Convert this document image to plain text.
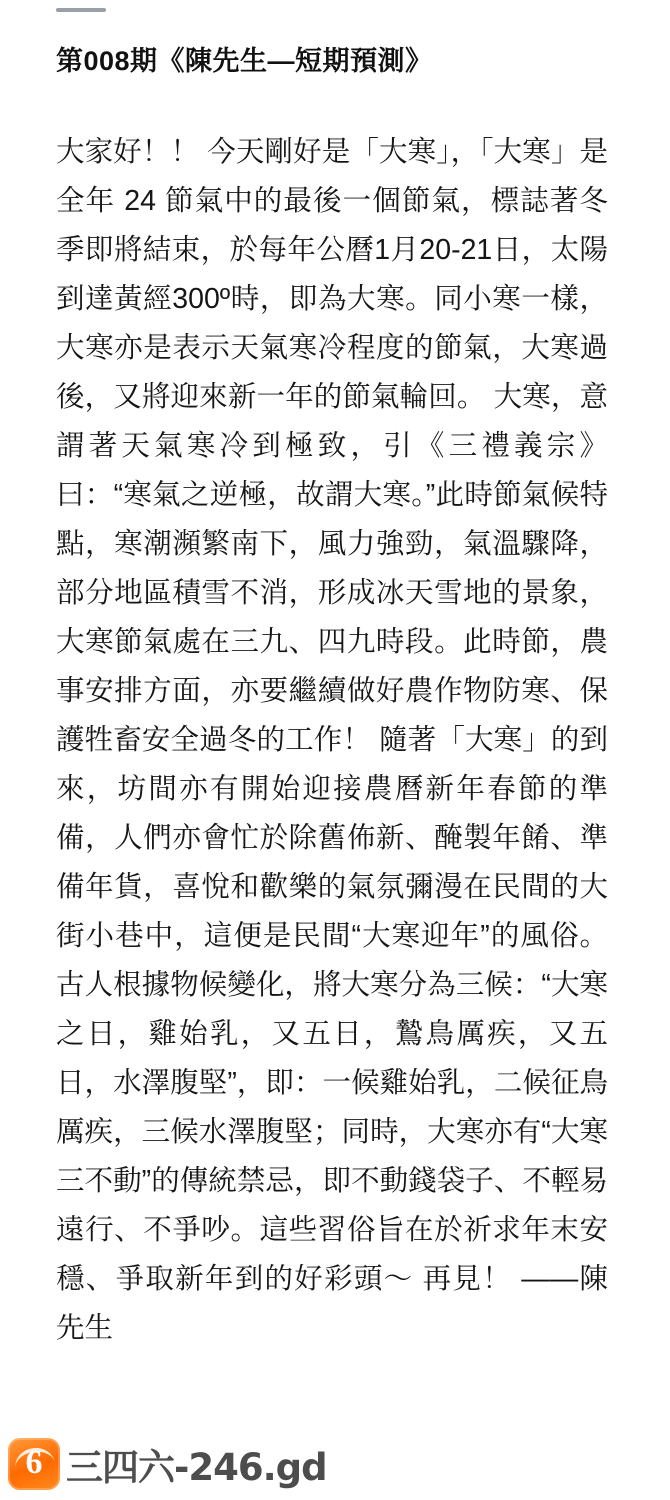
第008期《陳先生—短期預測》
大家好！！ 今天剛好是「大寒」，「大寒」是全年 24 節氣中的最後一個節氣，標誌著冬季即將結束，於每年公曆1月20-21日，太陽到達黃經300º時，即為大寒。同小寒一樣，大寒亦是表示天氣寒冷程度的節氣，大寒過後，又將迎來新一年的節氣輪回。 大寒，意謂著天氣寒冷到極致，引《三禮義宗》曰：“寒氣之逆極，故謂大寒。”此時節氣候特點，寒潮瀕繁南下，風力強勁，氣溫驟降，部分地區積雪不消，形成冰天雪地的景象，大寒節氣處在三九、四九時段。此時節，農事安排方面，亦要繼續做好農作物防寒、保護牲畜安全過冬的工作！ 隨著「大寒」的到來，坊間亦有開始迎接農曆新年春節的準備，人們亦會忙於除舊佈新、醃製年餚、準備年貨，喜悅和歡樂的氣氛彌漫在民間的大街小巷中，這便是民間“大寒迎年”的風俗。古人根據物候變化，將大寒分為三候：“大寒之日，雞始乳，又五日，鷙鳥厲疾，又五日，水澤腹堅”，即：一候雞始乳，二候征鳥厲疾，三候水澤腹堅；同時，大寒亦有“大寒三不動”的傳統禁忌，即不動錢袋子、不輕易遠行、不爭吵。這些習俗旨在於祈求年末安穩、爭取新年到的好彩頭～ 再見！ ——陳先生
6
三四六-246.gd
